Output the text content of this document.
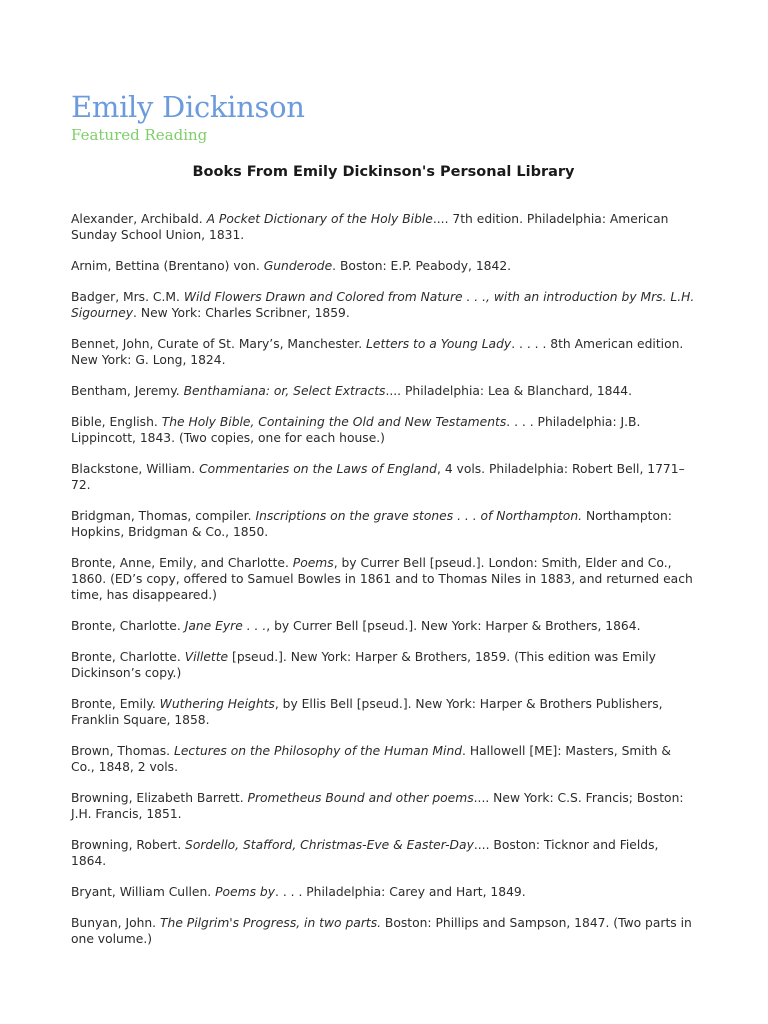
Emily Dickinson
Featured Reading
Books From Emily Dickinson's Personal Library
Alexander, Archibald. A Pocket Dictionary of the Holy Bible.... 7th edition. Philadelphia: American Sunday School Union, 1831.
Arnim, Bettina (Brentano) von. Gunderode. Boston: E.P. Peabody, 1842.
Badger, Mrs. C.M. Wild Flowers Drawn and Colored from Nature . . ., with an introduction by Mrs. L.H. Sigourney. New York: Charles Scribner, 1859.
Bennet, John, Curate of St. Mary’s, Manchester. Letters to a Young Lady. . . . . 8th American edition. New York: G. Long, 1824.
Bentham, Jeremy. Benthamiana: or, Select Extracts.... Philadelphia: Lea & Blanchard, 1844.
Bible, English. The Holy Bible, Containing the Old and New Testaments. . . . Philadelphia: J.B. Lippincott, 1843. (Two copies, one for each house.)
Blackstone, William. Commentaries on the Laws of England, 4 vols. Philadelphia: Robert Bell, 1771–72.
Bridgman, Thomas, compiler. Inscriptions on the grave stones . . . of Northampton. Northampton: Hopkins, Bridgman & Co., 1850.
Bronte, Anne, Emily, and Charlotte. Poems, by Currer Bell [pseud.]. London: Smith, Elder and Co., 1860. (ED’s copy, offered to Samuel Bowles in 1861 and to Thomas Niles in 1883, and returned each time, has disappeared.)
Bronte, Charlotte. Jane Eyre . . ., by Currer Bell [pseud.]. New York: Harper & Brothers, 1864.
Bronte, Charlotte. Villette [pseud.]. New York: Harper & Brothers, 1859. (This edition was Emily Dickinson’s copy.)
Bronte, Emily. Wuthering Heights, by Ellis Bell [pseud.]. New York: Harper & Brothers Publishers, Franklin Square, 1858.
Brown, Thomas. Lectures on the Philosophy of the Human Mind. Hallowell [ME]: Masters, Smith & Co., 1848, 2 vols.
Browning, Elizabeth Barrett. Prometheus Bound and other poems.... New York: C.S. Francis; Boston: J.H. Francis, 1851.
Browning, Robert. Sordello, Stafford, Christmas-Eve & Easter-Day.... Boston: Ticknor and Fields, 1864.
Bryant, William Cullen. Poems by. . . . Philadelphia: Carey and Hart, 1849.
Bunyan, John. The Pilgrim's Progress, in two parts. Boston: Phillips and Sampson, 1847. (Two parts in one volume.)
